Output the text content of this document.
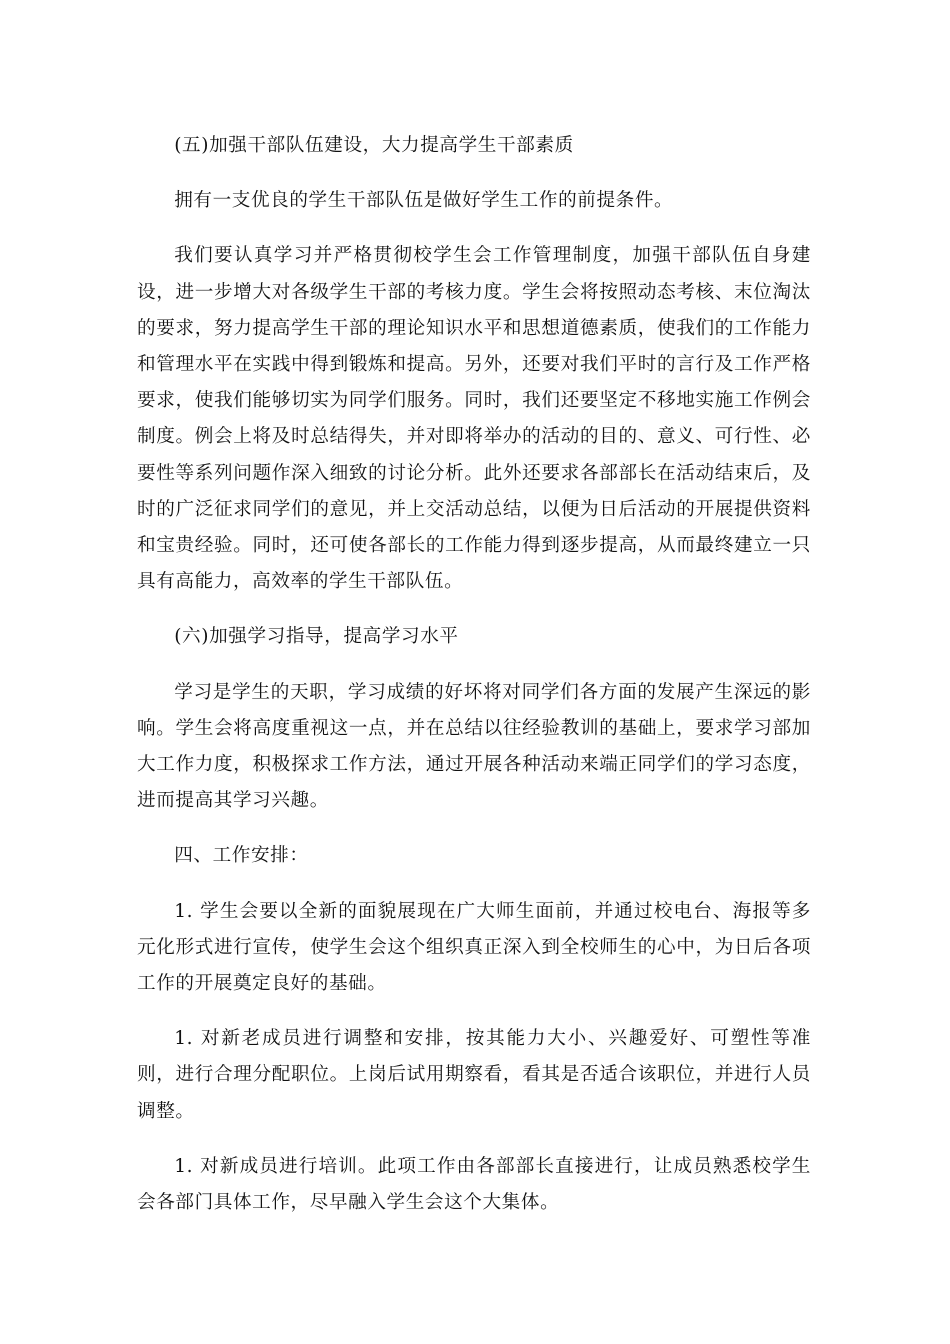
(五)加强干部队伍建设，大力提高学生干部素质

拥有一支优良的学生干部队伍是做好学生工作的前提条件。

我们要认真学习并严格贯彻校学生会工作管理制度，加强干部队伍自身建设，进一步增大对各级学生干部的考核力度。学生会将按照动态考核、末位淘汰的要求，努力提高学生干部的理论知识水平和思想道德素质，使我们的工作能力和管理水平在实践中得到锻炼和提高。另外，还要对我们平时的言行及工作严格要求，使我们能够切实为同学们服务。同时，我们还要坚定不移地实施工作例会制度。例会上将及时总结得失，并对即将举办的活动的目的、意义、可行性、必要性等系列问题作深入细致的讨论分析。此外还要求各部部长在活动结束后，及时的广泛征求同学们的意见，并上交活动总结，以便为日后活动的开展提供资料和宝贵经验。同时，还可使各部长的工作能力得到逐步提高，从而最终建立一只具有高能力，高效率的学生干部队伍。

(六)加强学习指导，提高学习水平

学习是学生的天职，学习成绩的好坏将对同学们各方面的发展产生深远的影响。学生会将高度重视这一点，并在总结以往经验教训的基础上，要求学习部加大工作力度，积极探求工作方法，通过开展各种活动来端正同学们的学习态度，进而提高其学习兴趣。

四、工作安排：

1. 学生会要以全新的面貌展现在广大师生面前，并通过校电台、海报等多元化形式进行宣传，使学生会这个组织真正深入到全校师生的心中，为日后各项工作的开展奠定良好的基础。

1. 对新老成员进行调整和安排，按其能力大小、兴趣爱好、可塑性等准则，进行合理分配职位。上岗后试用期察看，看其是否适合该职位，并进行人员调整。

1. 对新成员进行培训。此项工作由各部部长直接进行，让成员熟悉校学生会各部门具体工作，尽早融入学生会这个大集体。
